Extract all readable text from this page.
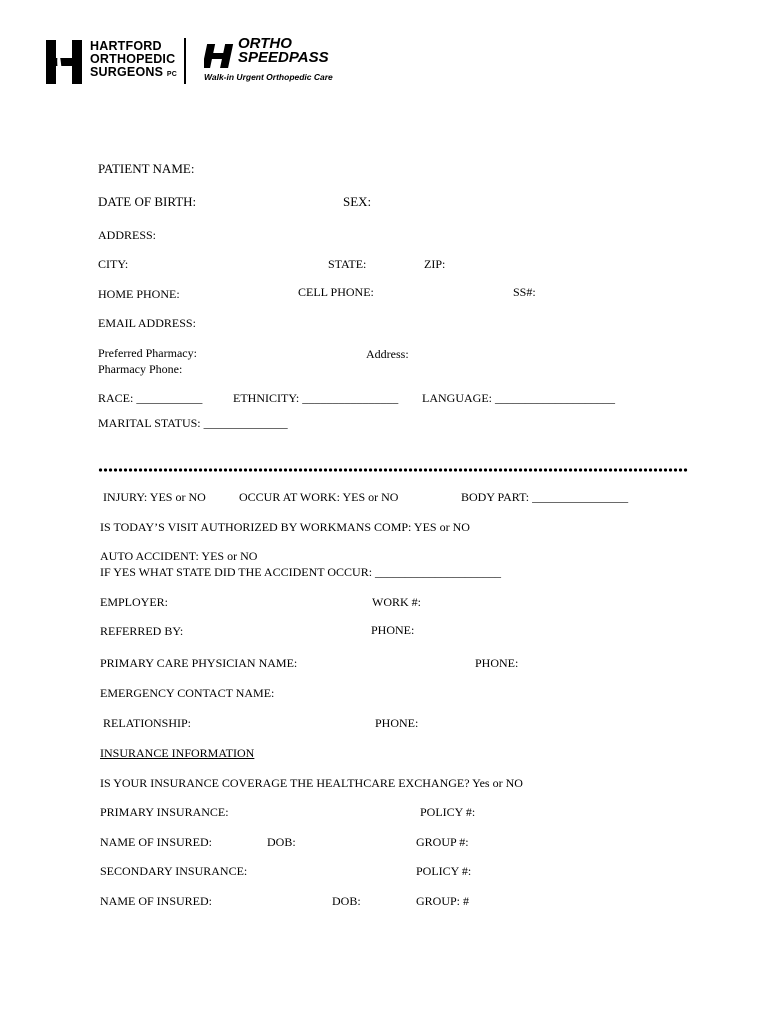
HARTFORD
ORTHOPEDIC
SURGEONS PC
ORTHO
SPEEDPASS
Walk-in Urgent Orthopedic Care
PATIENT NAME:
DATE OF BIRTH:	SEX:
ADDRESS:
CITY:	STATE:	ZIP:
HOME PHONE:	CELL PHONE:	SS#:
EMAIL ADDRESS:
Preferred Pharmacy:
Pharmacy Phone:
Address:
RACE: ___________	ETHNICITY: ________________ LANGUAGE: ____________________
MARITAL STATUS: ______________
INJURY: YES or NO	OCCUR AT WORK: YES or NO	BODY PART: ________________
IS TODAY’S VISIT AUTHORIZED BY WORKMANS COMP: YES or NO
AUTO ACCIDENT: YES or NO
IF YES WHAT STATE DID THE ACCIDENT OCCUR: _____________________
EMPLOYER:	WORK #:
REFERRED BY:	PHONE:
PRIMARY CARE PHYSICIAN NAME:	PHONE:
EMERGENCY CONTACT NAME:
RELATIONSHIP:	PHONE:
INSURANCE INFORMATION
IS YOUR INSURANCE COVERAGE THE HEALTHCARE EXCHANGE? Yes or NO
PRIMARY INSURANCE:	POLICY #:
NAME OF INSURED:	DOB:	GROUP #:
SECONDARY INSURANCE:	POLICY #:
NAME OF INSURED:	DOB:	GROUP: #
